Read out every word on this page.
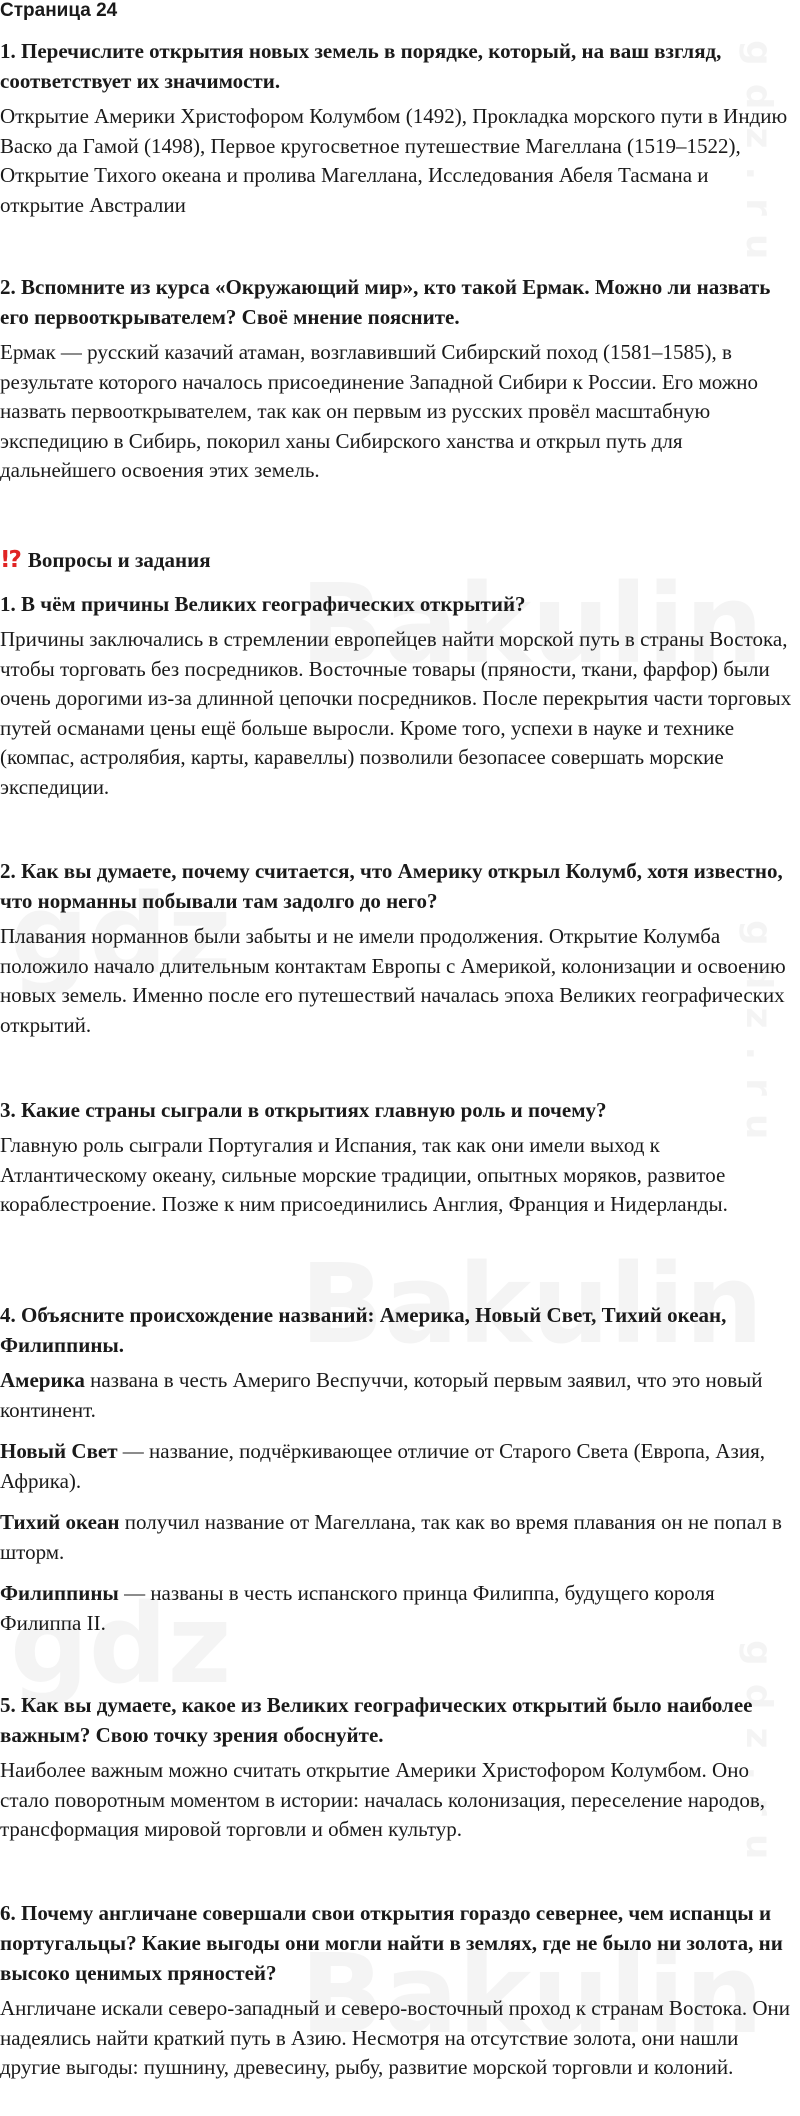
Страница 24

1. Перечислите открытия новых земель в порядке, который, на ваш взгляд, соответствует их значимости.

Открытие Америки Христофором Колумбом (1492), Прокладка морского пути в Индию Васко да Гамой (1498), Первое кругосветное путешествие Магеллана (1519–1522), Открытие Тихого океана и пролива Магеллана, Исследования Абеля Тасмана и открытие Австралии

2. Вспомните из курса «Окружающий мир», кто такой Ермак. Можно ли назвать его первооткрывателем? Своё мнение поясните.

Ермак — русский казачий атаман, возглавивший Сибирский поход (1581–1585), в результате которого началось присоединение Западной Сибири к России. Его можно назвать первооткрывателем, так как он первым из русских провёл масштабную экспедицию в Сибирь, покорил ханы Сибирского ханства и открыл путь для дальнейшего освоения этих земель.

!? Вопросы и задания

1. В чём причины Великих географических открытий?

Причины заключались в стремлении европейцев найти морской путь в страны Востока, чтобы торговать без посредников. Восточные товары (пряности, ткани, фарфор) были очень дорогими из-за длинной цепочки посредников. После перекрытия части торговых путей османами цены ещё больше выросли. Кроме того, успехи в науке и технике (компас, астролябия, карты, каравеллы) позволили безопасее совершать морские экспедиции.

2. Как вы думаете, почему считается, что Америку открыл Колумб, хотя известно, что норманны побывали там задолго до него?

Плавания норманнов были забыты и не имели продолжения. Открытие Колумба положило начало длительным контактам Европы с Америкой, колонизации и освоению новых земель. Именно после его путешествий началась эпоха Великих географических открытий.

3. Какие страны сыграли в открытиях главную роль и почему?

Главную роль сыграли Португалия и Испания, так как они имели выход к Атлантическому океану, сильные морские традиции, опытных моряков, развитое кораблестроение. Позже к ним присоединились Англия, Франция и Нидерланды.

4. Объясните происхождение названий: Америка, Новый Свет, Тихий океан, Филиппины.

Америка названа в честь Америго Веспуччи, который первым заявил, что это новый континент.

Новый Свет — название, подчёркивающее отличие от Старого Света (Европа, Азия, Африка).

Тихий океан получил название от Магеллана, так как во время плавания он не попал в шторм.

Филиппины — названы в честь испанского принца Филиппа, будущего короля Филиппа II.

5. Как вы думаете, какое из Великих географических открытий было наиболее важным? Свою точку зрения обоснуйте.

Наиболее важным можно считать открытие Америки Христофором Колумбом. Оно стало поворотным моментом в истории: началась колонизация, переселение народов, трансформация мировой торговли и обмен культур.

6. Почему англичане совершали свои открытия гораздо севернее, чем испанцы и португальцы? Какие выгоды они могли найти в землях, где не было ни золота, ни высоко ценимых пряностей?

Англичане искали северо-западный и северо-восточный проход к странам Востока. Они надеялись найти краткий путь в Азию. Несмотря на отсутствие золота, они нашли другие выгоды: пушнину, древесину, рыбу, развитие морской торговли и колоний.
